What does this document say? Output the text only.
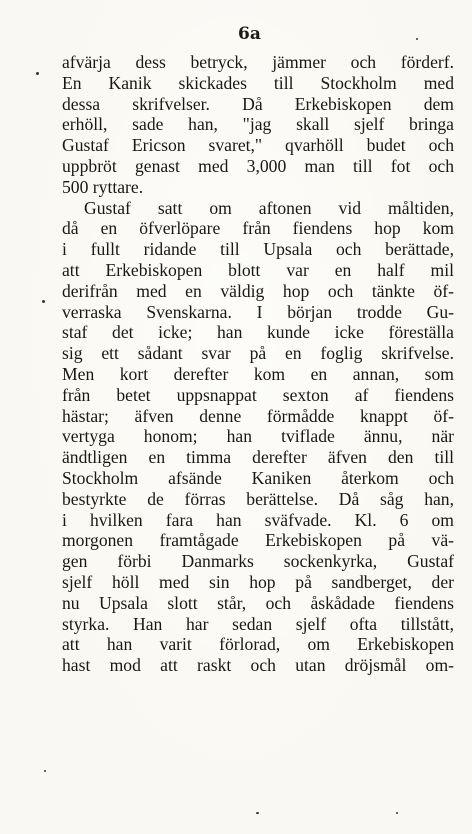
6a
afvärja dess betryck, jämmer och förderf.
En Kanik skickades till Stockholm med
dessa skrifvelser. Då Erkebiskopen dem
erhöll, sade han, "jag skall sjelf bringa
Gustaf Ericson svaret," qvarhöll budet och
uppbröt genast med 3,000 man till fot och
500 ryttare.
Gustaf satt om aftonen vid måltiden,
då en öfverlöpare från fiendens hop kom
i fullt ridande till Upsala och berättade,
att Erkebiskopen blott var en half mil
derifrån med en väldig hop och tänkte öf-
verraska Svenskarna. I början trodde Gu-
staf det icke; han kunde icke föreställa
sig ett sådant svar på en foglig skrifvelse.
Men kort derefter kom en annan, som
från betet uppsnappat sexton af fiendens
hästar; äfven denne förmådde knappt öf-
vertyga honom; han tviflade ännu, när
ändtligen en timma derefter äfven den till
Stockholm afsände Kaniken återkom och
bestyrkte de förras berättelse. Då såg han,
i hvilken fara han sväfvade. Kl. 6 om
morgonen framtågade Erkebiskopen på vä-
gen förbi Danmarks sockenkyrka, Gustaf
sjelf höll med sin hop på sandberget, der
nu Upsala slott står, och åskådade fiendens
styrka. Han har sedan sjelf ofta tillstått,
att han varit förlorad, om Erkebiskopen
hast mod att raskt och utan dröjsmål om-
